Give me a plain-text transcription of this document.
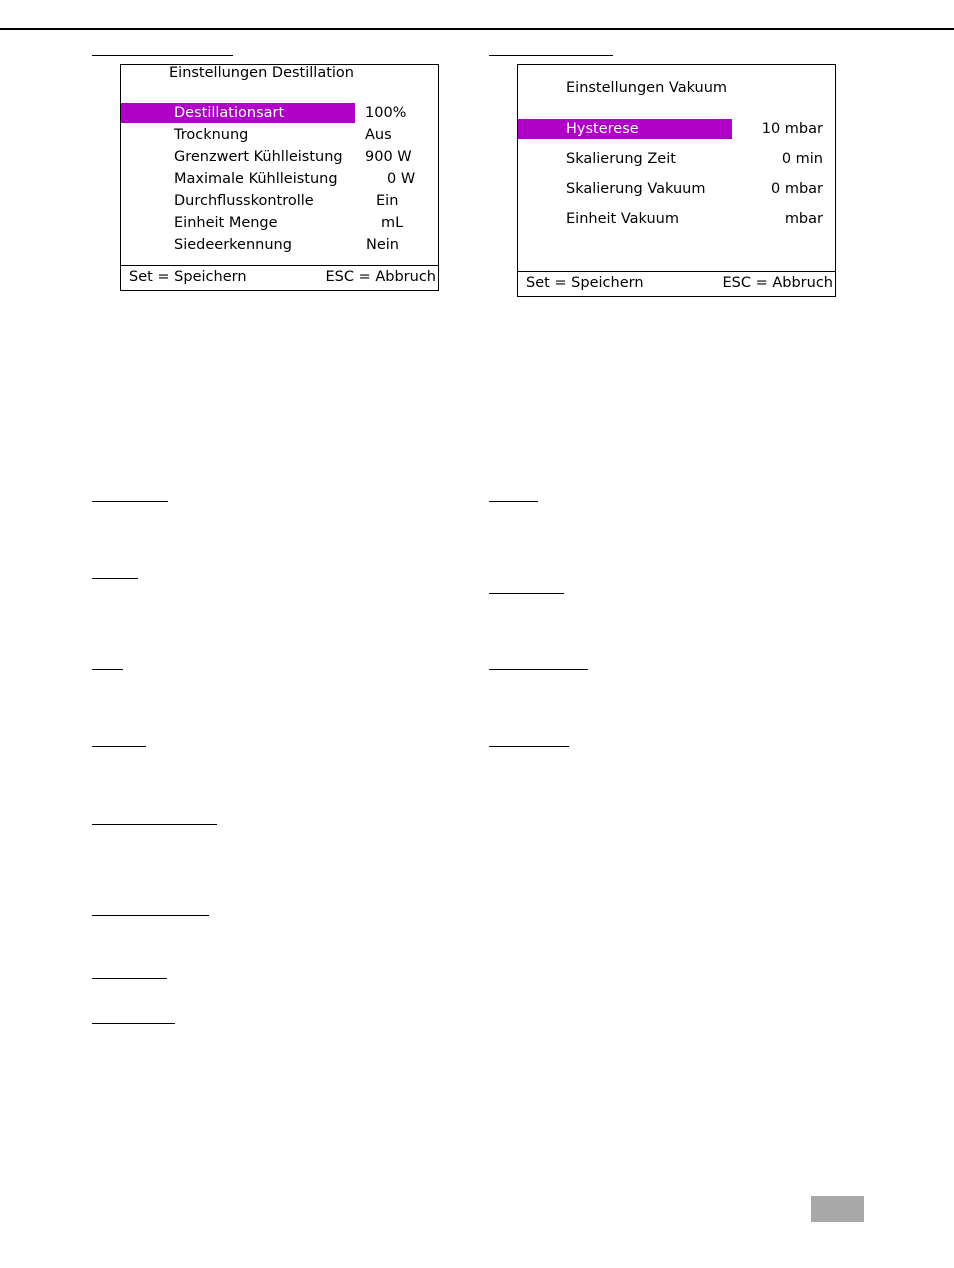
Einstellungen Destillation
Destillationsart	100%
Trocknung	Aus
Grenzwert Kühlleistung 900 W
Maximale Kühlleistung	0 W
Durchflusskontrolle	Ein
Einheit Menge	mL
Siedeerkennung	Nein
Set = Speichern	ESC = Abbruch
Einstellungen Vakuum
Hysterese	10 mbar
Skalierung Zeit	0 min
Skalierung Vakuum	0 mbar
Einheit Vakuum	mbar
Set = Speichern	ESC = Abbruch
